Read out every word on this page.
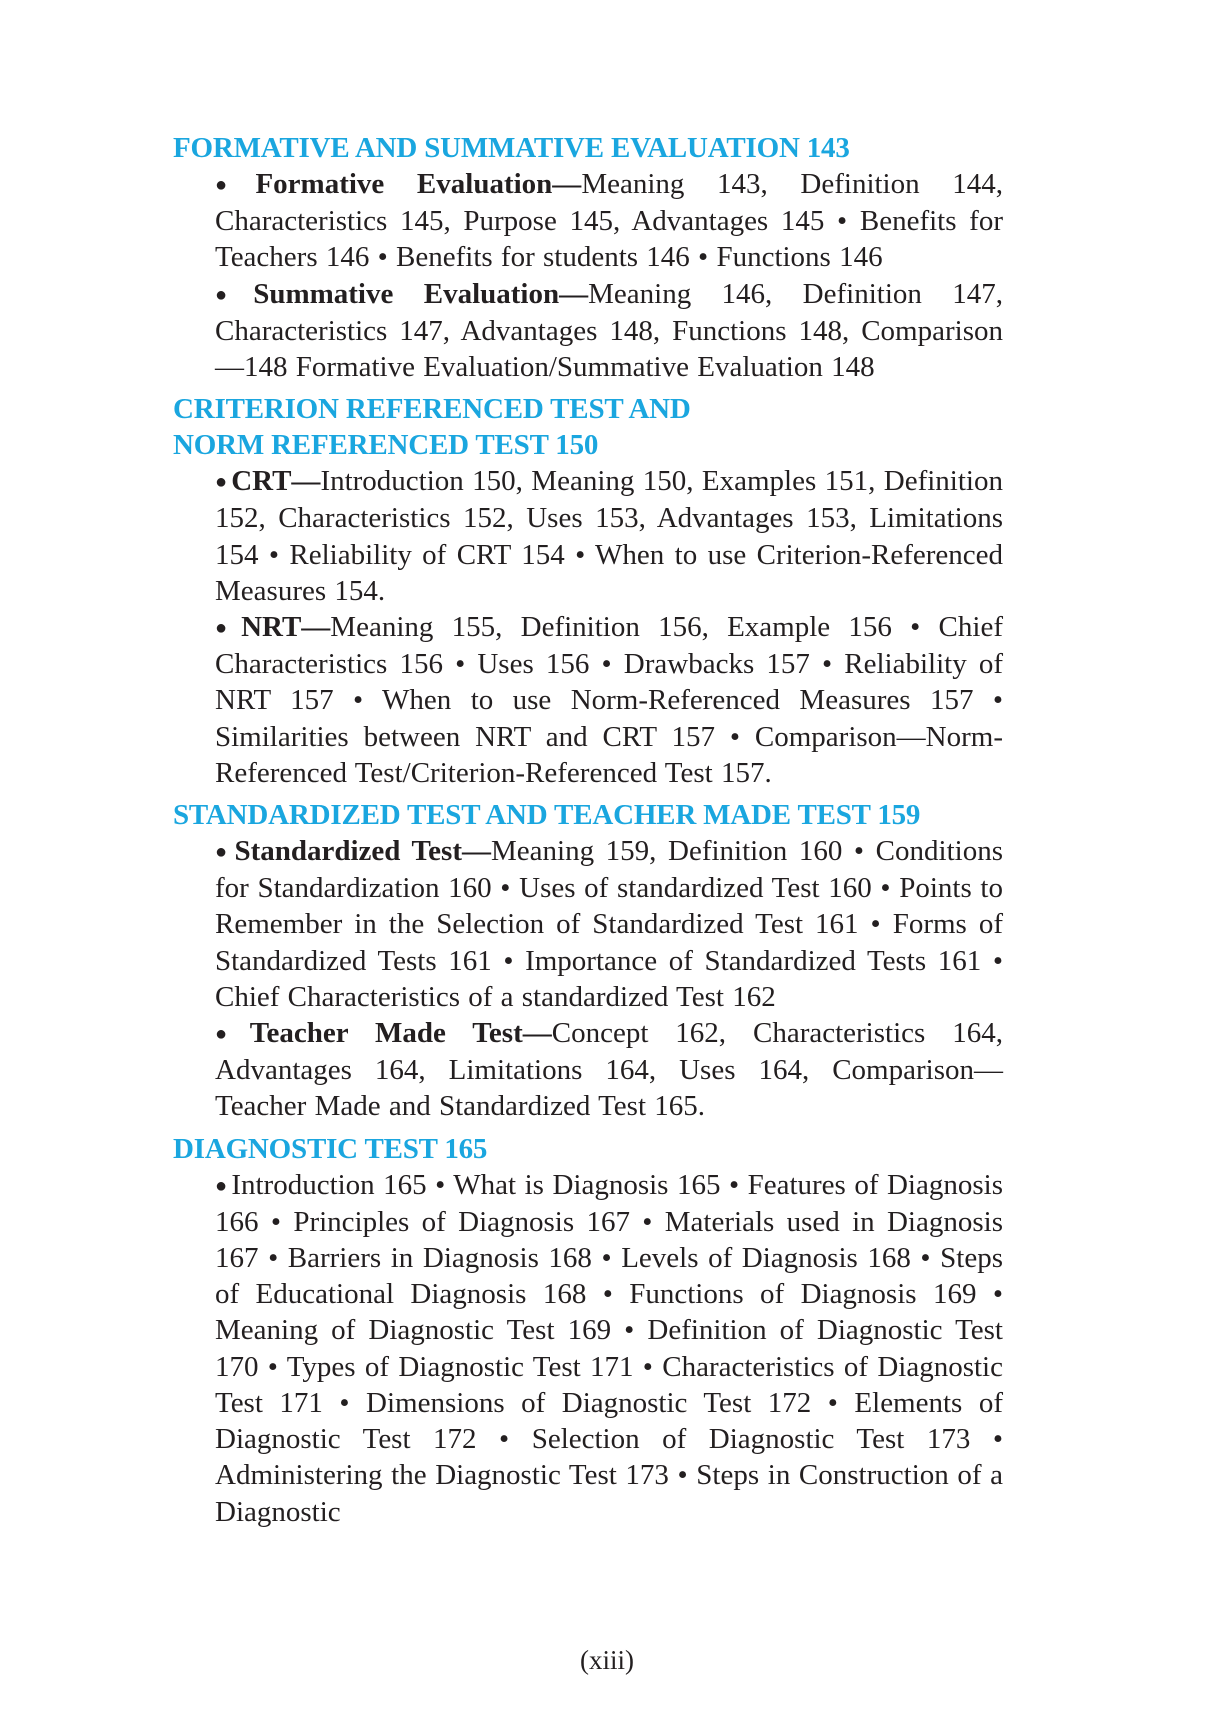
FORMATIVE AND SUMMATIVE EVALUATION 143

● Formative Evaluation—Meaning 143, Definition 144, Characteristics 145, Purpose 145, Advantages 145 • Benefits for Teachers 146 • Benefits for students 146 • Functions 146

● Summative Evaluation—Meaning 146, Definition 147, Characteristics 147, Advantages 148, Functions 148, Comparison—148 Formative Evaluation/Summative Evaluation 148

CRITERION REFERENCED TEST AND
NORM REFERENCED TEST 150

● CRT—Introduction 150, Meaning 150, Examples 151, Definition 152, Characteristics 152, Uses 153, Advantages 153, Limitations 154 • Reliability of CRT 154 • When to use Criterion-Referenced Measures 154.

● NRT—Meaning 155, Definition 156, Example 156 • Chief Characteristics 156 • Uses 156 • Drawbacks 157 • Reliability of NRT 157 • When to use Norm-Referenced Measures 157 • Similarities between NRT and CRT 157 • Comparison—Norm-Referenced Test/Criterion-Referenced Test 157.

STANDARDIZED TEST AND TEACHER MADE TEST 159

● Standardized Test—Meaning 159, Definition 160 • Conditions for Standardization 160 • Uses of standardized Test 160 • Points to Remember in the Selection of Standardized Test 161 • Forms of Standardized Tests 161 • Importance of Standardized Tests 161 • Chief Characteristics of a standardized Test 162

● Teacher Made Test—Concept 162, Characteristics 164, Advantages 164, Limitations 164, Uses 164, Comparison—Teacher Made and Standardized Test 165.

DIAGNOSTIC TEST 165

● Introduction 165 • What is Diagnosis 165 • Features of Diagnosis 166 • Principles of Diagnosis 167 • Materials used in Diagnosis 167 • Barriers in Diagnosis 168 • Levels of Diagnosis 168 • Steps of Educational Diagnosis 168 • Functions of Diagnosis 169 • Meaning of Diagnostic Test 169 • Definition of Diagnostic Test 170 • Types of Diagnostic Test 171 • Characteristics of Diagnostic Test 171 • Dimensions of Diagnostic Test 172 • Elements of Diagnostic Test 172 • Selection of Diagnostic Test 173 • Administering the Diagnostic Test 173 • Steps in Construction of a Diagnostic

(xiii)
